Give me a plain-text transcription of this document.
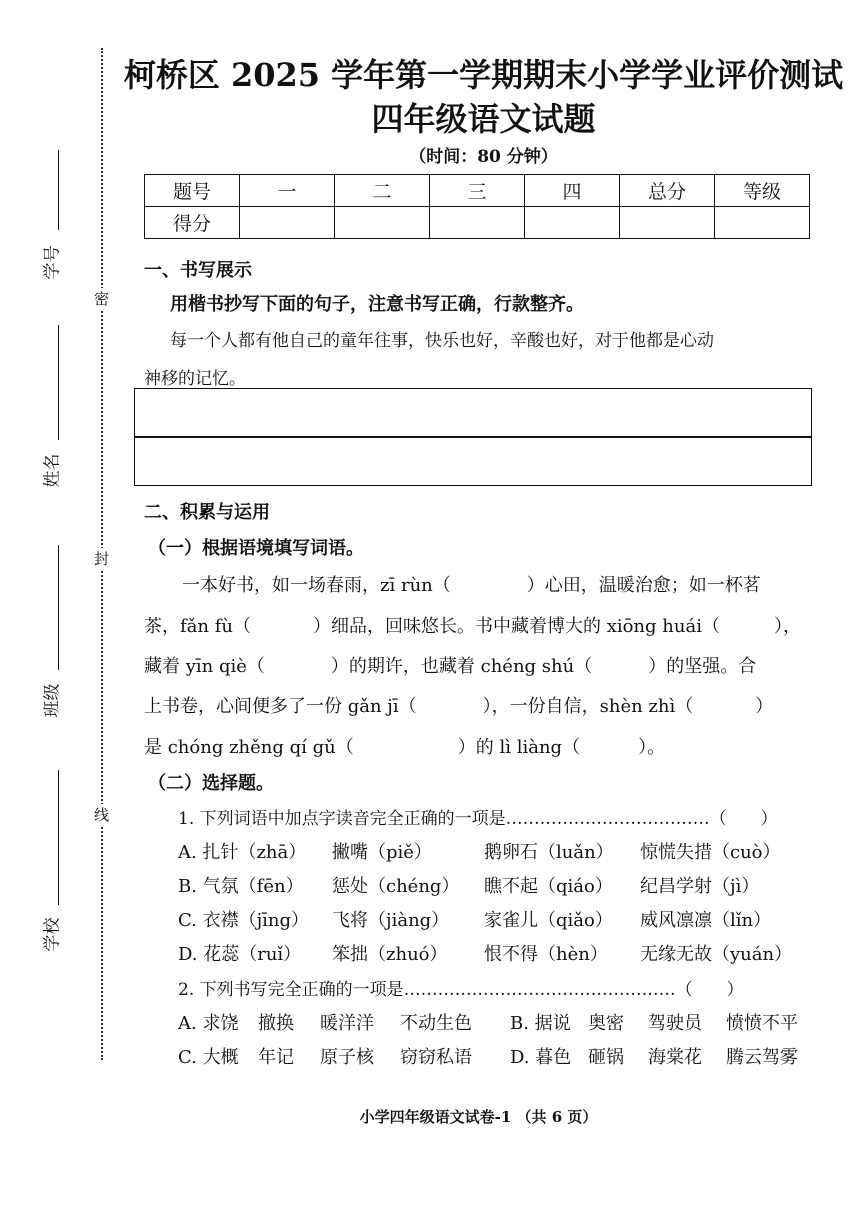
学号
姓名
班级
学校
密
封
线
柯桥区 2025 学年第一学期期末小学学业评价测试
四年级语文试题
（时间：80 分钟）
题号	一	二	三	四	总分	等级
得分						
一、书写展示
用楷书抄写下面的句子，注意书写正确，行款整齐。
每一个人都有他自己的童年往事，快乐也好，辛酸也好，对于他都是心动
神移的记忆。
二、积累与运用
（一）根据语境填写词语。
一本好书，如一场春雨，zī rùn（	）心田，温暖治愈；如一杯茗
茶，fǎn fù（	）细品，回味悠长。书中藏着博大的 xiōng huái（	），
藏着 yīn qiè（	）的期许，也藏着 chéng shú（	）的坚强。合
上书卷，心间便多了一份 gǎn jī（	），一份自信，shèn zhì（	）
是 chóng zhěng qí gǔ（	）的 lì liàng（	）。
（二）选择题。
1. 下列词语中加点字读音完全正确的一项是………………………………（　　）
A. 扎针（zhā） 撇嘴（piě）	鹅卵石（luǎn） 惊慌失措（cuò）
B. 气氛（fēn） 惩处（chéng） 瞧不起（qiáo） 纪昌学射（jì）
C. 衣襟（jīng） 飞将（jiàng） 家雀儿（qiǎo） 威风凛凛（lǐn）
D. 花蕊（ruǐ） 笨拙（zhuó） 恨不得（hèn） 无缘无故（yuán）
2. 下列书写完全正确的一项是…………………………………………（　　）
A. 求饶 撤换 暖洋洋 不动生色 B. 据说 奥密 驾驶员 愤愤不平
C. 大概 年记 原子核 窃窃私语 D. 暮色 砸锅 海棠花 腾云驾雾
小学四年级语文试卷-1 （共 6 页）
